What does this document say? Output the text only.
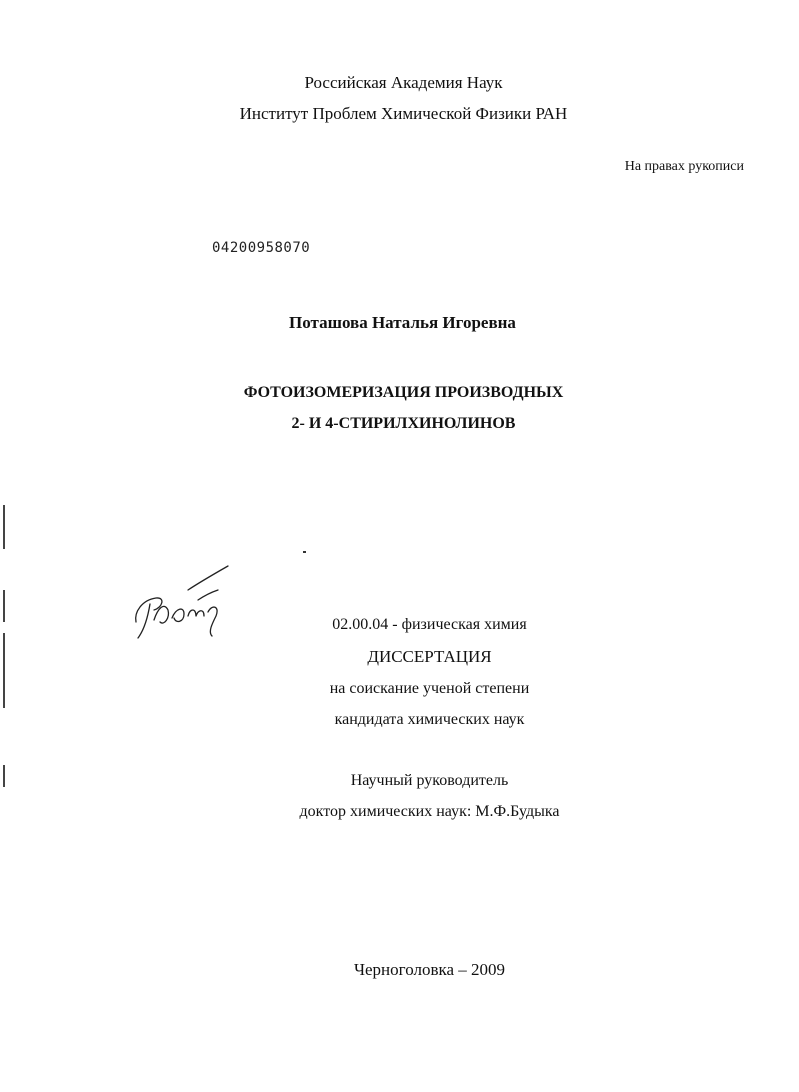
Российская Академия Наук
Институт Проблем Химической Физики РАН
На правах рукописи
04200958070
Поташова Наталья Игоревна
ФОТОИЗОМЕРИЗАЦИЯ ПРОИЗВОДНЫХ
2- И 4-СТИРИЛХИНОЛИНОВ
02.00.04 - физическая химия
ДИССЕРТАЦИЯ
на соискание ученой степени
кандидата химических наук
Научный руководитель
доктор химических наук: М.Ф.Будыка
Черноголовка – 2009
